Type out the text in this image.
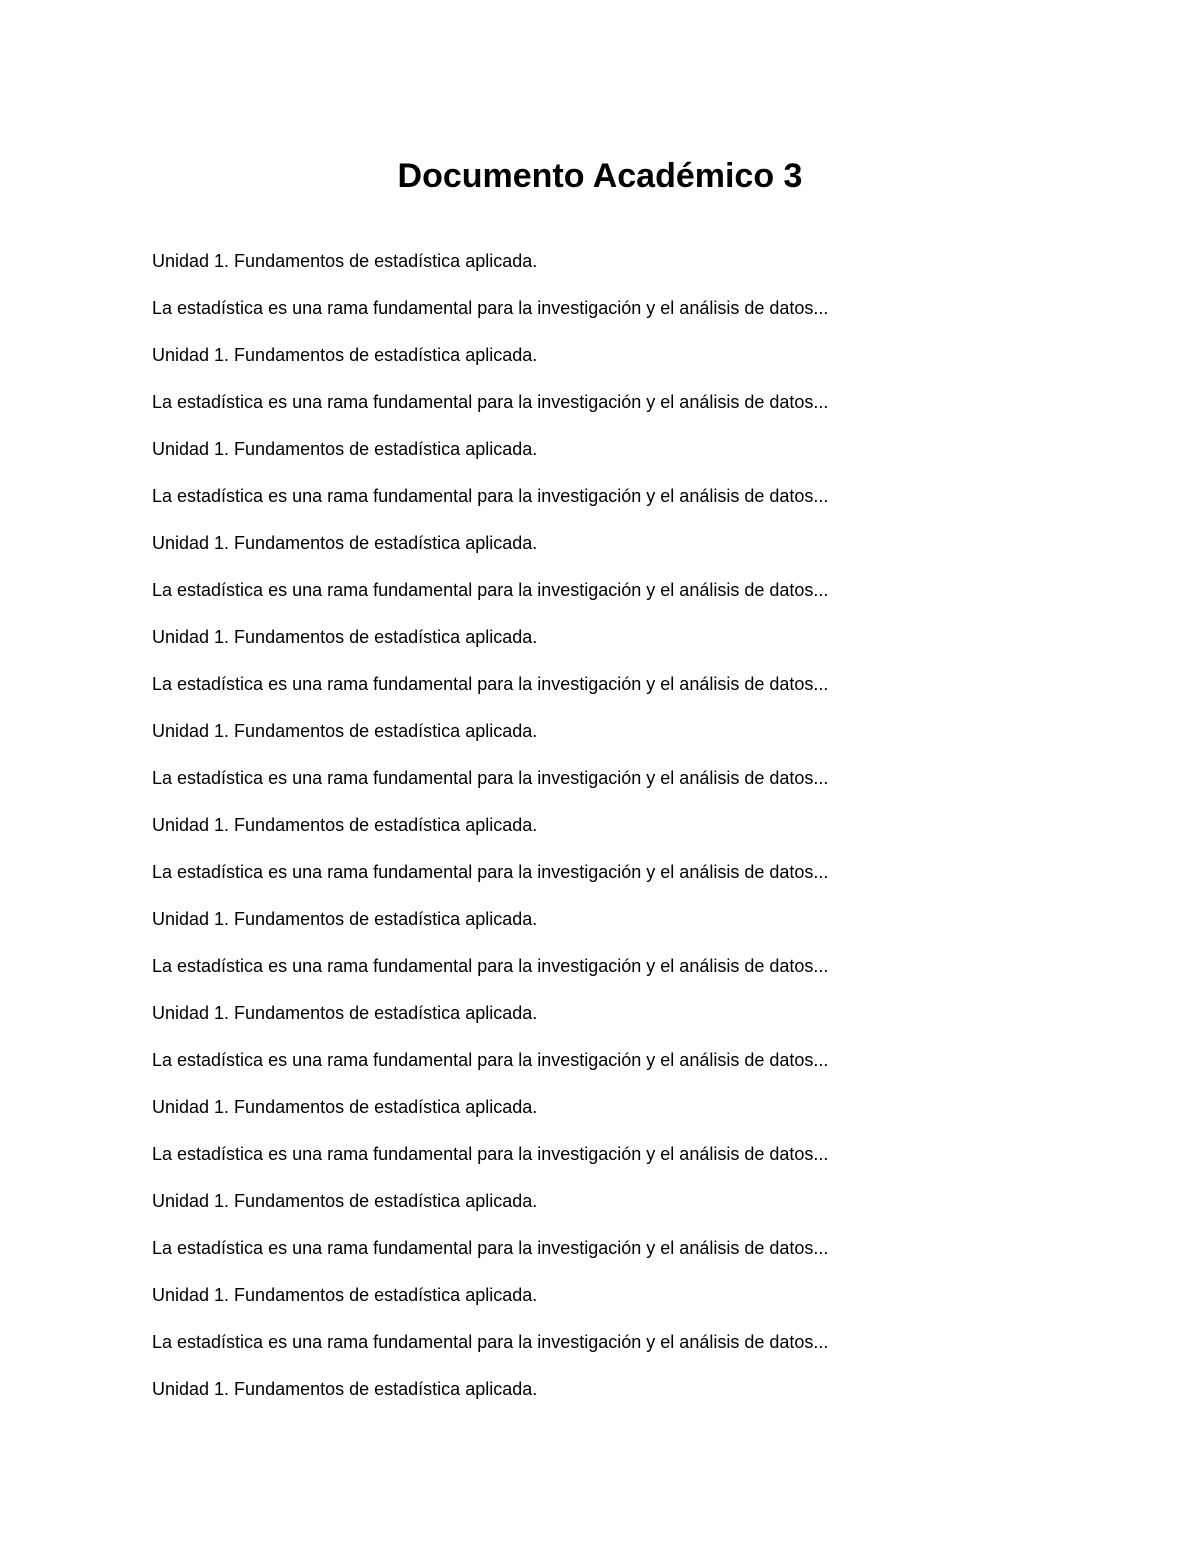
Documento Académico 3

Unidad 1. Fundamentos de estadística aplicada.

La estadística es una rama fundamental para la investigación y el análisis de datos...

Unidad 1. Fundamentos de estadística aplicada.

La estadística es una rama fundamental para la investigación y el análisis de datos...

Unidad 1. Fundamentos de estadística aplicada.

La estadística es una rama fundamental para la investigación y el análisis de datos...

Unidad 1. Fundamentos de estadística aplicada.

La estadística es una rama fundamental para la investigación y el análisis de datos...

Unidad 1. Fundamentos de estadística aplicada.

La estadística es una rama fundamental para la investigación y el análisis de datos...

Unidad 1. Fundamentos de estadística aplicada.

La estadística es una rama fundamental para la investigación y el análisis de datos...

Unidad 1. Fundamentos de estadística aplicada.

La estadística es una rama fundamental para la investigación y el análisis de datos...

Unidad 1. Fundamentos de estadística aplicada.

La estadística es una rama fundamental para la investigación y el análisis de datos...

Unidad 1. Fundamentos de estadística aplicada.

La estadística es una rama fundamental para la investigación y el análisis de datos...

Unidad 1. Fundamentos de estadística aplicada.

La estadística es una rama fundamental para la investigación y el análisis de datos...

Unidad 1. Fundamentos de estadística aplicada.

La estadística es una rama fundamental para la investigación y el análisis de datos...

Unidad 1. Fundamentos de estadística aplicada.

La estadística es una rama fundamental para la investigación y el análisis de datos...

Unidad 1. Fundamentos de estadística aplicada.
